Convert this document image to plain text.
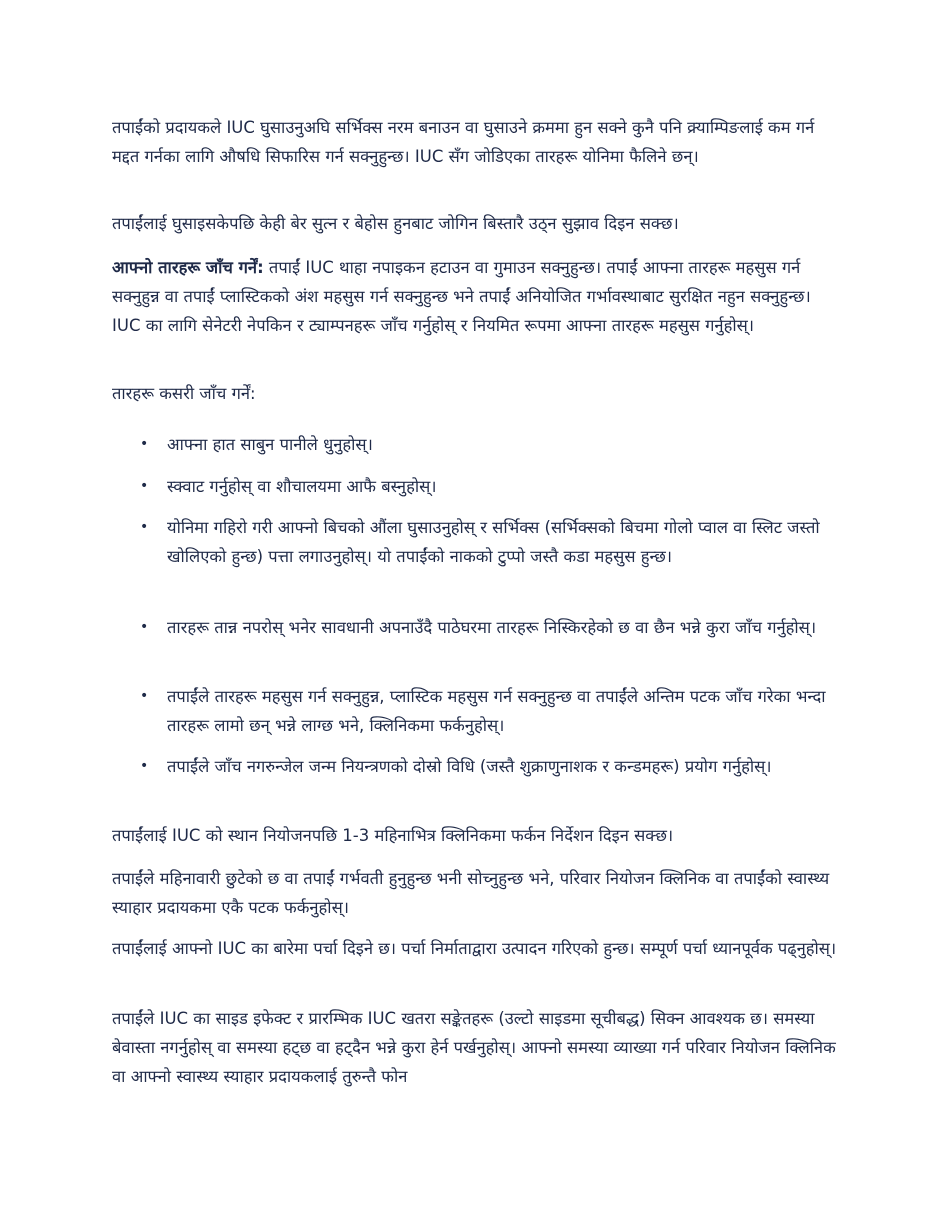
तपाईंको प्रदायकले IUC घुसाउनुअघि सर्भिक्स नरम बनाउन वा घुसाउने क्रममा हुन सक्ने कुनै पनि क्र्याम्पिङलाई कम गर्न मद्दत गर्नका लागि औषधि सिफारिस गर्न सक्नुहुन्छ। IUC सँग जोडिएका तारहरू योनिमा फैलिने छन्।

तपाईंलाई घुसाइसकेपछि केही बेर सुत्न र बेहोस हुनबाट जोगिन बिस्तारै उठ्न सुझाव दिइन सक्छ।

आफ्नो तारहरू जाँच गर्नें: तपाईं IUC थाहा नपाइकन हटाउन वा गुमाउन सक्नुहुन्छ। तपाईं आफ्ना तारहरू महसुस गर्न सक्नुहुन्न वा तपाईं प्लास्टिकको अंश महसुस गर्न सक्नुहुन्छ भने तपाईं अनियोजित गर्भावस्थाबाट सुरक्षित नहुन सक्नुहुन्छ। IUC का लागि सेनेटरी नेपकिन र ट्याम्पनहरू जाँच गर्नुहोस् र नियमित रूपमा आफ्ना तारहरू महसुस गर्नुहोस्।

तारहरू कसरी जाँच गर्नें:

• आफ्ना हात साबुन पानीले धुनुहोस्।

• स्क्वाट गर्नुहोस् वा शौचालयमा आफै बस्नुहोस्।

• योनिमा गहिरो गरी आफ्नो बिचको औंला घुसाउनुहोस् र सर्भिक्स (सर्भिक्सको बिचमा गोलो प्वाल वा स्लिट जस्तो खोलिएको हुन्छ) पत्ता लगाउनुहोस्। यो तपाईंको नाकको टुप्पो जस्तै कडा महसुस हुन्छ।

• तारहरू तान्न नपरोस् भनेर सावधानी अपनाउँदै पाठेघरमा तारहरू निस्किरहेको छ वा छैन भन्ने कुरा जाँच गर्नुहोस्।

• तपाईंले तारहरू महसुस गर्न सक्नुहुन्न, प्लास्टिक महसुस गर्न सक्नुहुन्छ वा तपाईंले अन्तिम पटक जाँच गरेका भन्दा तारहरू लामो छन् भन्ने लाग्छ भने, क्लिनिकमा फर्कनुहोस्।

• तपाईंले जाँच नगरुन्जेल जन्म नियन्त्रणको दोस्रो विधि (जस्तै शुक्राणुनाशक र कन्डमहरू) प्रयोग गर्नुहोस्।

तपाईंलाई IUC को स्थान नियोजनपछि 1-3 महिनाभित्र क्लिनिकमा फर्कन निर्देशन दिइन सक्छ।

तपाईंले महिनावारी छुटेको छ वा तपाईं गर्भवती हुनुहुन्छ भनी सोच्नुहुन्छ भने, परिवार नियोजन क्लिनिक वा तपाईंको स्वास्थ्य स्याहार प्रदायकमा एकै पटक फर्कनुहोस्।

तपाईंलाई आफ्नो IUC का बारेमा पर्चा दिइने छ। पर्चा निर्माताद्वारा उत्पादन गरिएको हुन्छ। सम्पूर्ण पर्चा ध्यानपूर्वक पढ्नुहोस्।

तपाईंले IUC का साइड इफेक्ट र प्रारम्भिक IUC खतरा सङ्केतहरू (उल्टो साइडमा सूचीबद्ध) सिक्न आवश्यक छ। समस्या बेवास्ता नगर्नुहोस् वा समस्या हट्छ वा हट्दैन भन्ने कुरा हेर्न पर्खनुहोस्। आफ्नो समस्या व्याख्या गर्न परिवार नियोजन क्लिनिक वा आफ्नो स्वास्थ्य स्याहार प्रदायकलाई तुरुन्तै फोन
